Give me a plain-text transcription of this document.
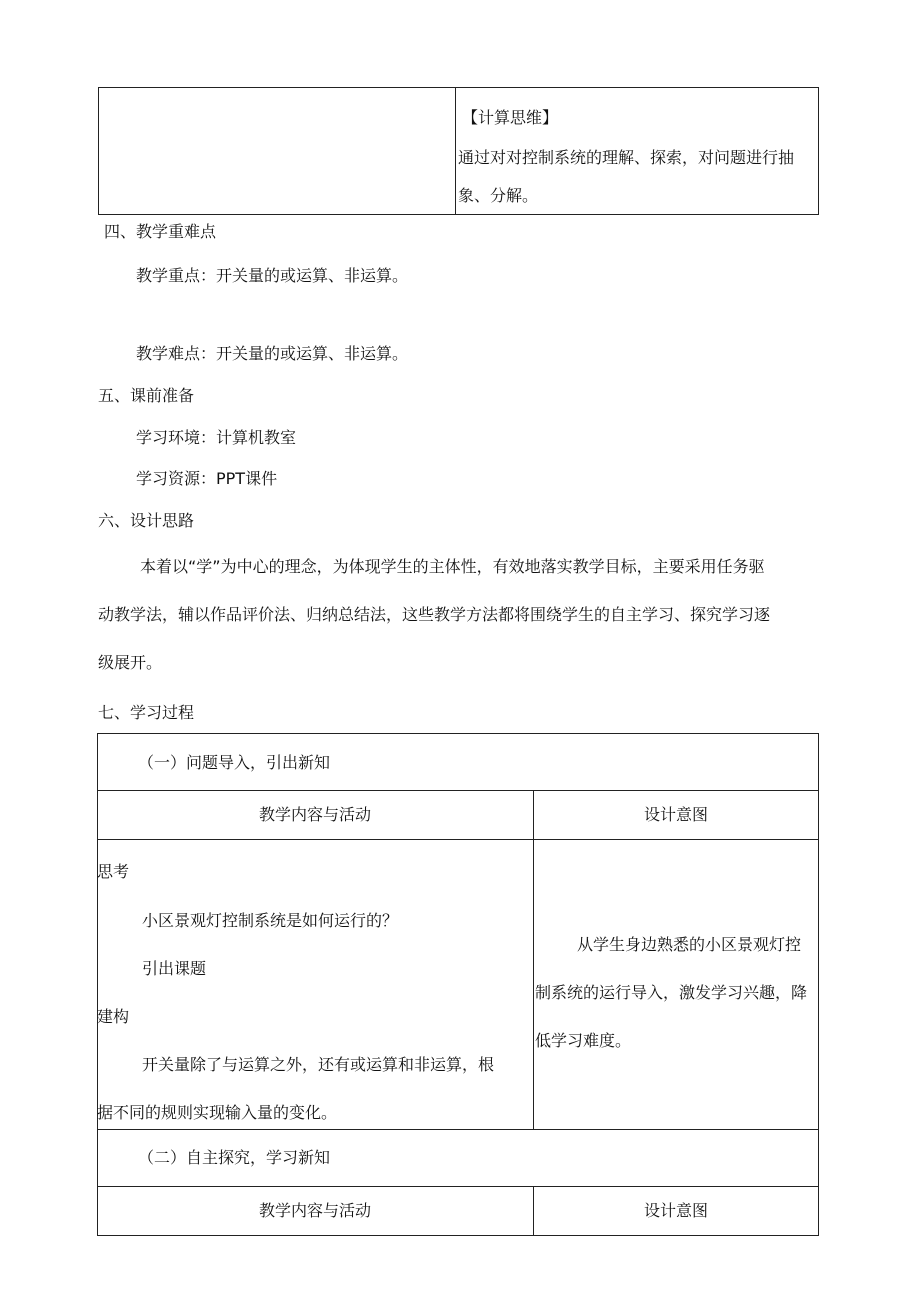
【计算思维】
通过对对控制系统的理解、探索，对问题进行抽
象、分解。
四、教学重难点
教学重点：开关量的或运算、非运算。
教学难点：开关量的或运算、非运算。
五、课前准备
学习环境：计算机教室
学习资源：PPT课件
六、设计思路
本着以“学”为中心的理念，为体现学生的主体性，有效地落实教学目标，主要采用任务驱
动教学法，辅以作品评价法、归纳总结法，这些教学方法都将围绕学生的自主学习、探究学习逐
级展开。
七、学习过程
（一）问题导入，引出新知
教学内容与活动	设计意图
思考
小区景观灯控制系统是如何运行的？
引出课题
建构
开关量除了与运算之外，还有或运算和非运算，根
据不同的规则实现输入量的变化。
从学生身边熟悉的小区景观灯控
制系统的运行导入，激发学习兴趣，降
低学习难度。
（二）自主探究，学习新知
教学内容与活动	设计意图
